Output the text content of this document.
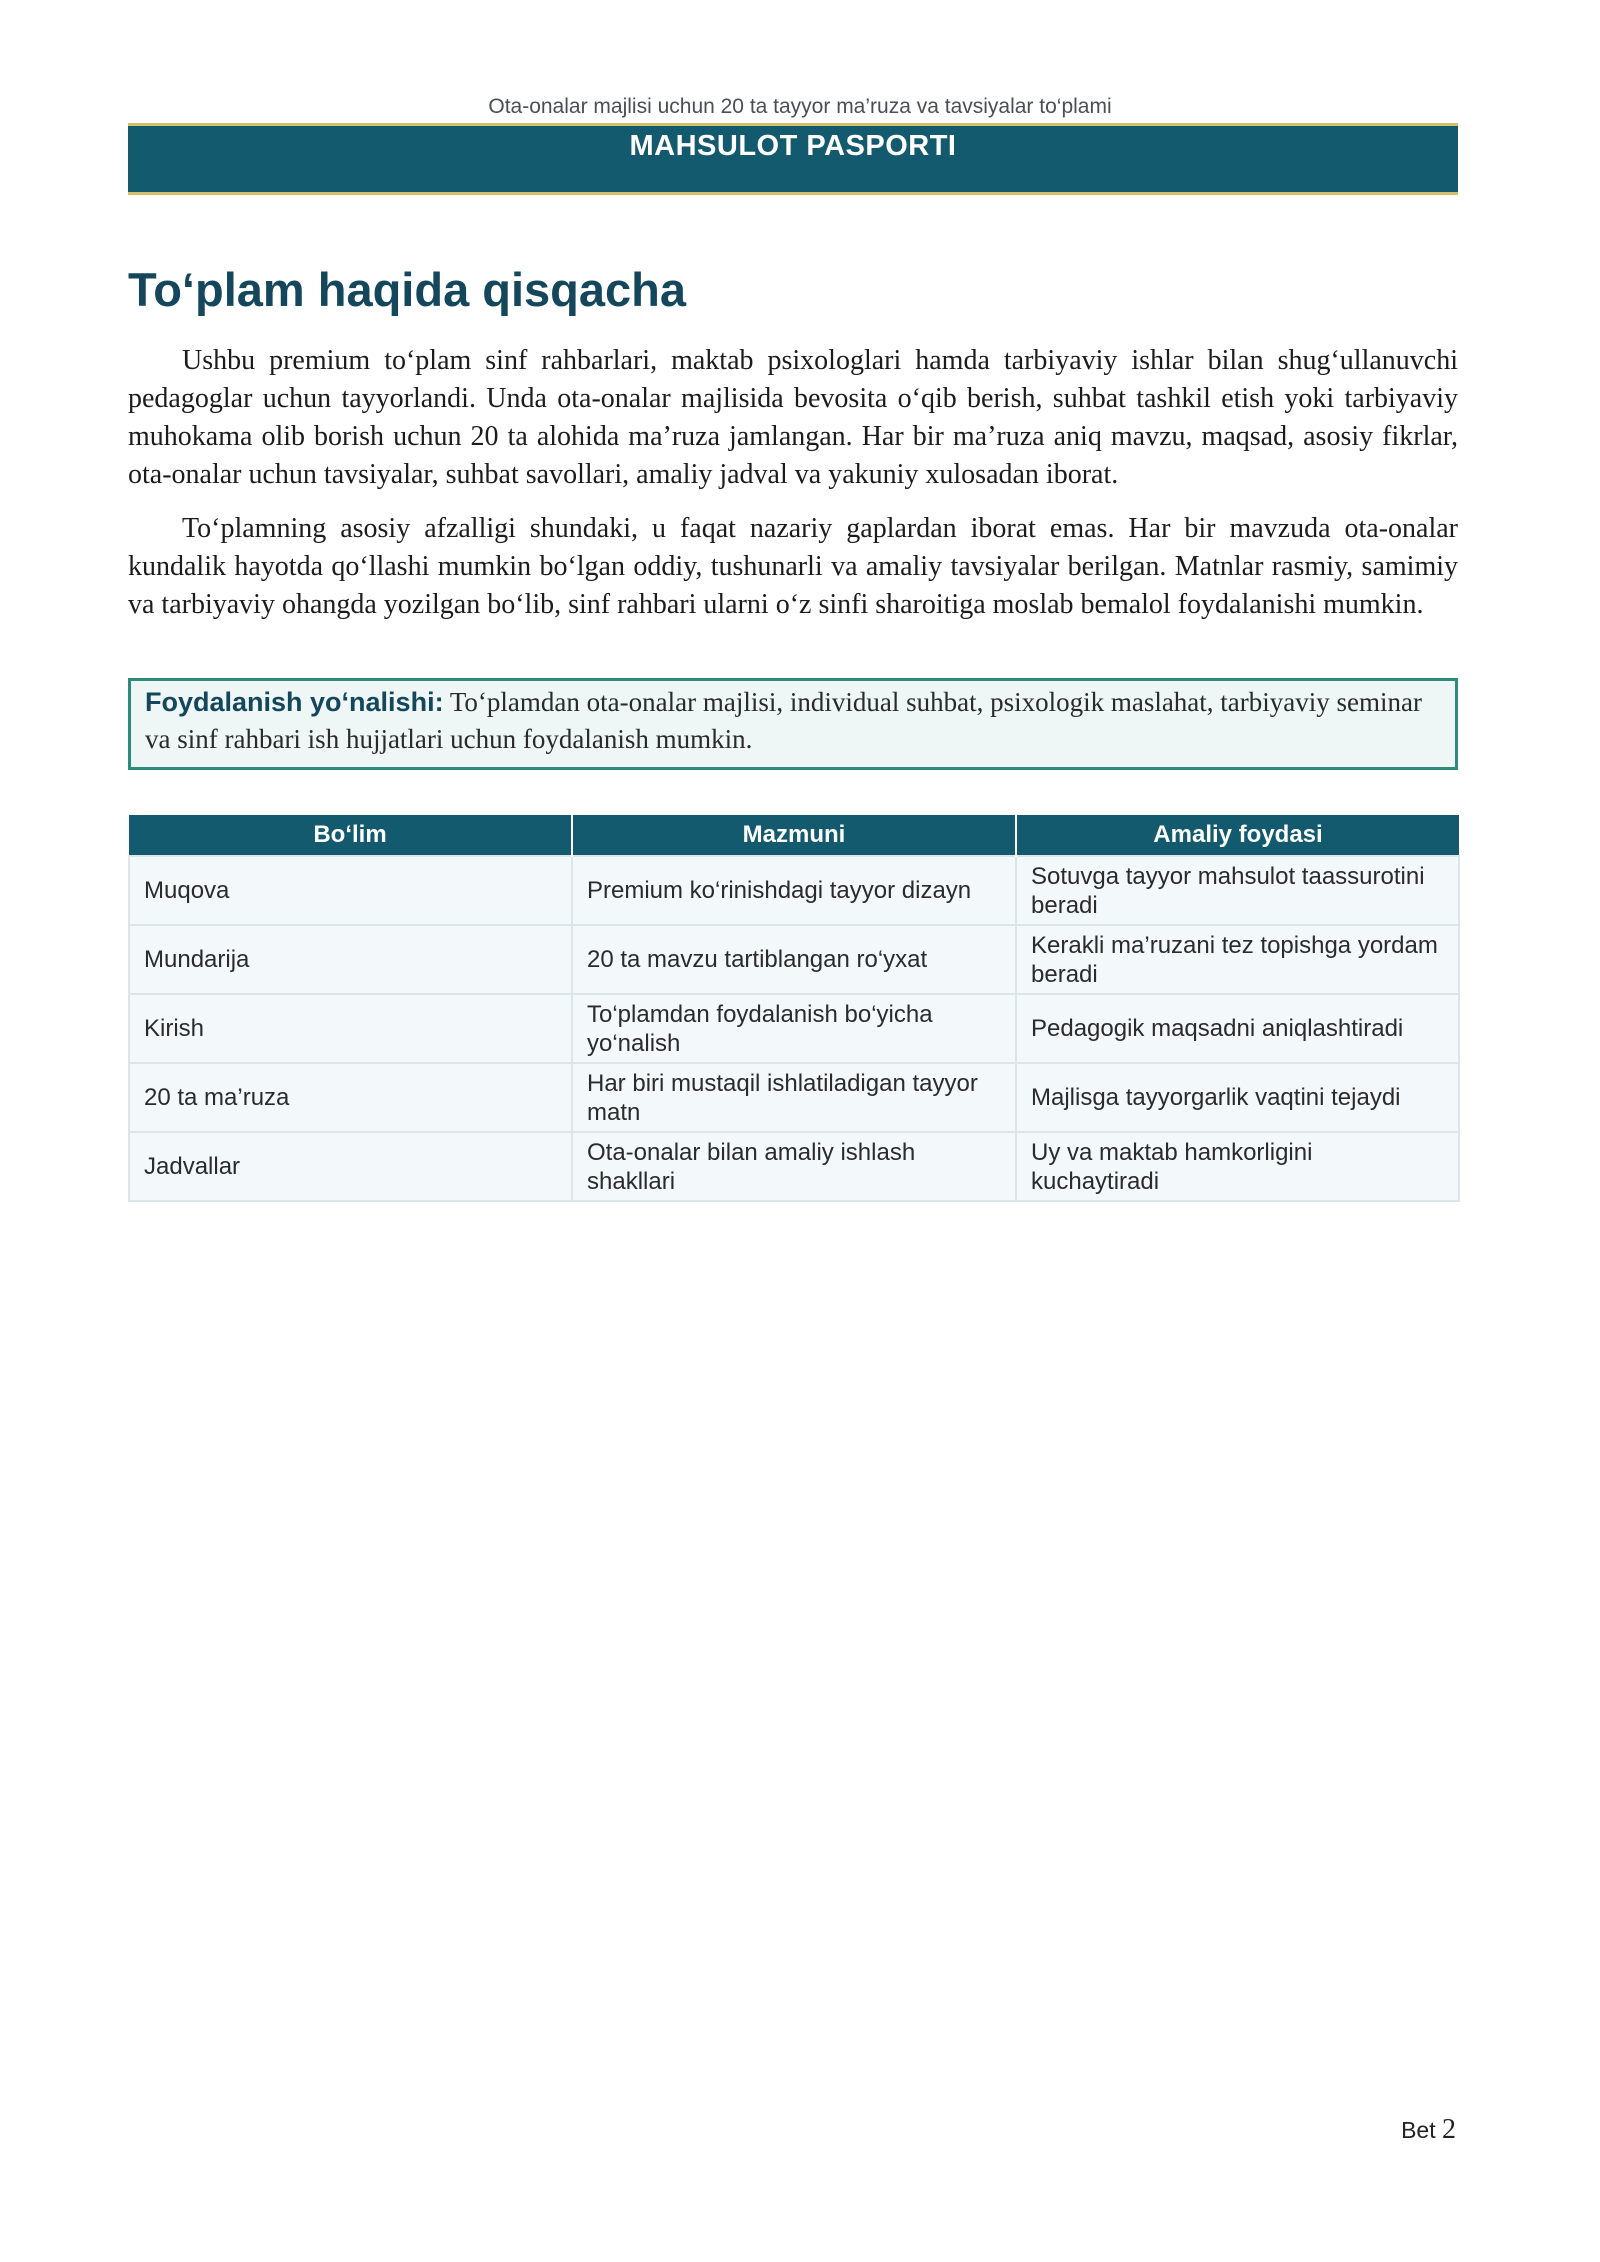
Ota-onalar majlisi uchun 20 ta tayyor ma’ruza va tavsiyalar to‘plami
MAHSULOT PASPORTI
To‘plam haqida qisqacha

Ushbu premium to‘plam sinf rahbarlari, maktab psixologlari hamda tarbiyaviy ishlar bilan shug‘ullanuvchi pedagoglar uchun tayyorlandi. Unda ota-onalar majlisida bevosita o‘qib berish, suhbat tashkil etish yoki tarbiyaviy muhokama olib borish uchun 20 ta alohida ma’ruza jamlangan. Har bir ma’ruza aniq mavzu, maqsad, asosiy fikrlar, ota-onalar uchun tavsiyalar, suhbat savollari, amaliy jadval va yakuniy xulosadan iborat.

To‘plamning asosiy afzalligi shundaki, u faqat nazariy gaplardan iborat emas. Har bir mavzuda ota-onalar kundalik hayotda qo‘llashi mumkin bo‘lgan oddiy, tushunarli va amaliy tavsiyalar berilgan. Matnlar rasmiy, samimiy va tarbiyaviy ohangda yozilgan bo‘lib, sinf rahbari ularni o‘z sinfi sharoitiga moslab bemalol foydalanishi mumkin.

Foydalanish yo‘nalishi: To‘plamdan ota-onalar majlisi, individual suhbat, psixologik maslahat, tarbiyaviy seminar va sinf rahbari ish hujjatlari uchun foydalanish mumkin.
Bo‘lim	Mazmuni	Amaliy foydasi
Muqova	Premium ko‘rinishdagi tayyor dizayn	Sotuvga tayyor mahsulot taassurotini beradi
Mundarija	20 ta mavzu tartiblangan ro‘yxat	Kerakli ma’ruzani tez topishga yordam beradi
Kirish	To‘plamdan foydalanish bo‘yicha yo‘nalish	Pedagogik maqsadni aniqlashtiradi
20 ta ma’ruza	Har biri mustaqil ishlatiladigan tayyor matn	Majlisga tayyorgarlik vaqtini tejaydi
Jadvallar	Ota-onalar bilan amaliy ishlash shakllari	Uy va maktab hamkorligini kuchaytiradi
Bet 2
